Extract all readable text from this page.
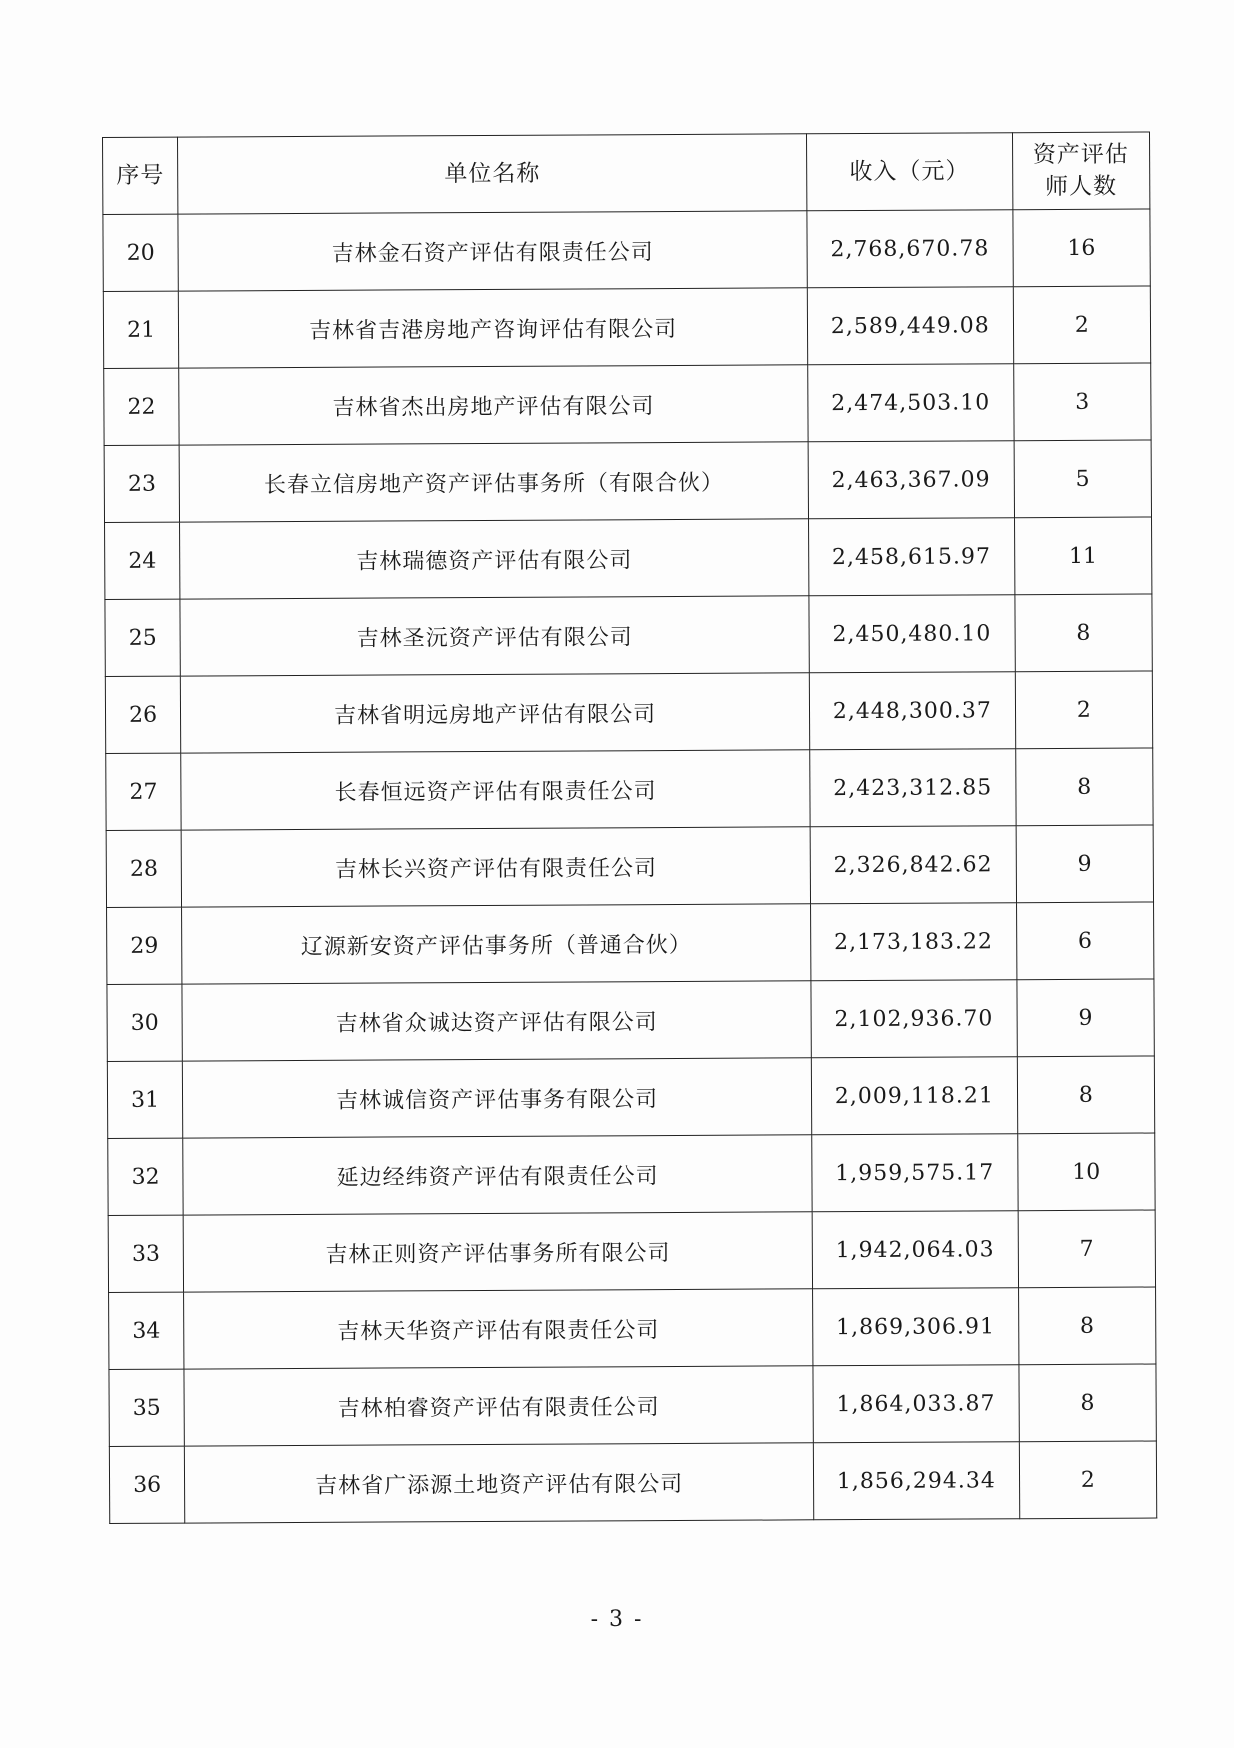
序号	单位名称	收入（元）	资产评估
师人数
20	吉林金石资产评估有限责任公司	2,768,670.78	16
21	吉林省吉港房地产咨询评估有限公司	2,589,449.08	2
22	吉林省杰出房地产评估有限公司	2,474,503.10	3
23	长春立信房地产资产评估事务所（有限合伙）	2,463,367.09	5
24	吉林瑞德资产评估有限公司	2,458,615.97	11
25	吉林圣沅资产评估有限公司	2,450,480.10	8
26	吉林省明远房地产评估有限公司	2,448,300.37	2
27	长春恒远资产评估有限责任公司	2,423,312.85	8
28	吉林长兴资产评估有限责任公司	2,326,842.62	9
29	辽源新安资产评估事务所（普通合伙）	2,173,183.22	6
30	吉林省众诚达资产评估有限公司	2,102,936.70	9
31	吉林诚信资产评估事务有限公司	2,009,118.21	8
32	延边经纬资产评估有限责任公司	1,959,575.17	10
33	吉林正则资产评估事务所有限公司	1,942,064.03	7
34	吉林天华资产评估有限责任公司	1,869,306.91	8
35	吉林柏睿资产评估有限责任公司	1,864,033.87	8
36	吉林省广添源土地资产评估有限公司	1,856,294.34	2
- 3 -
